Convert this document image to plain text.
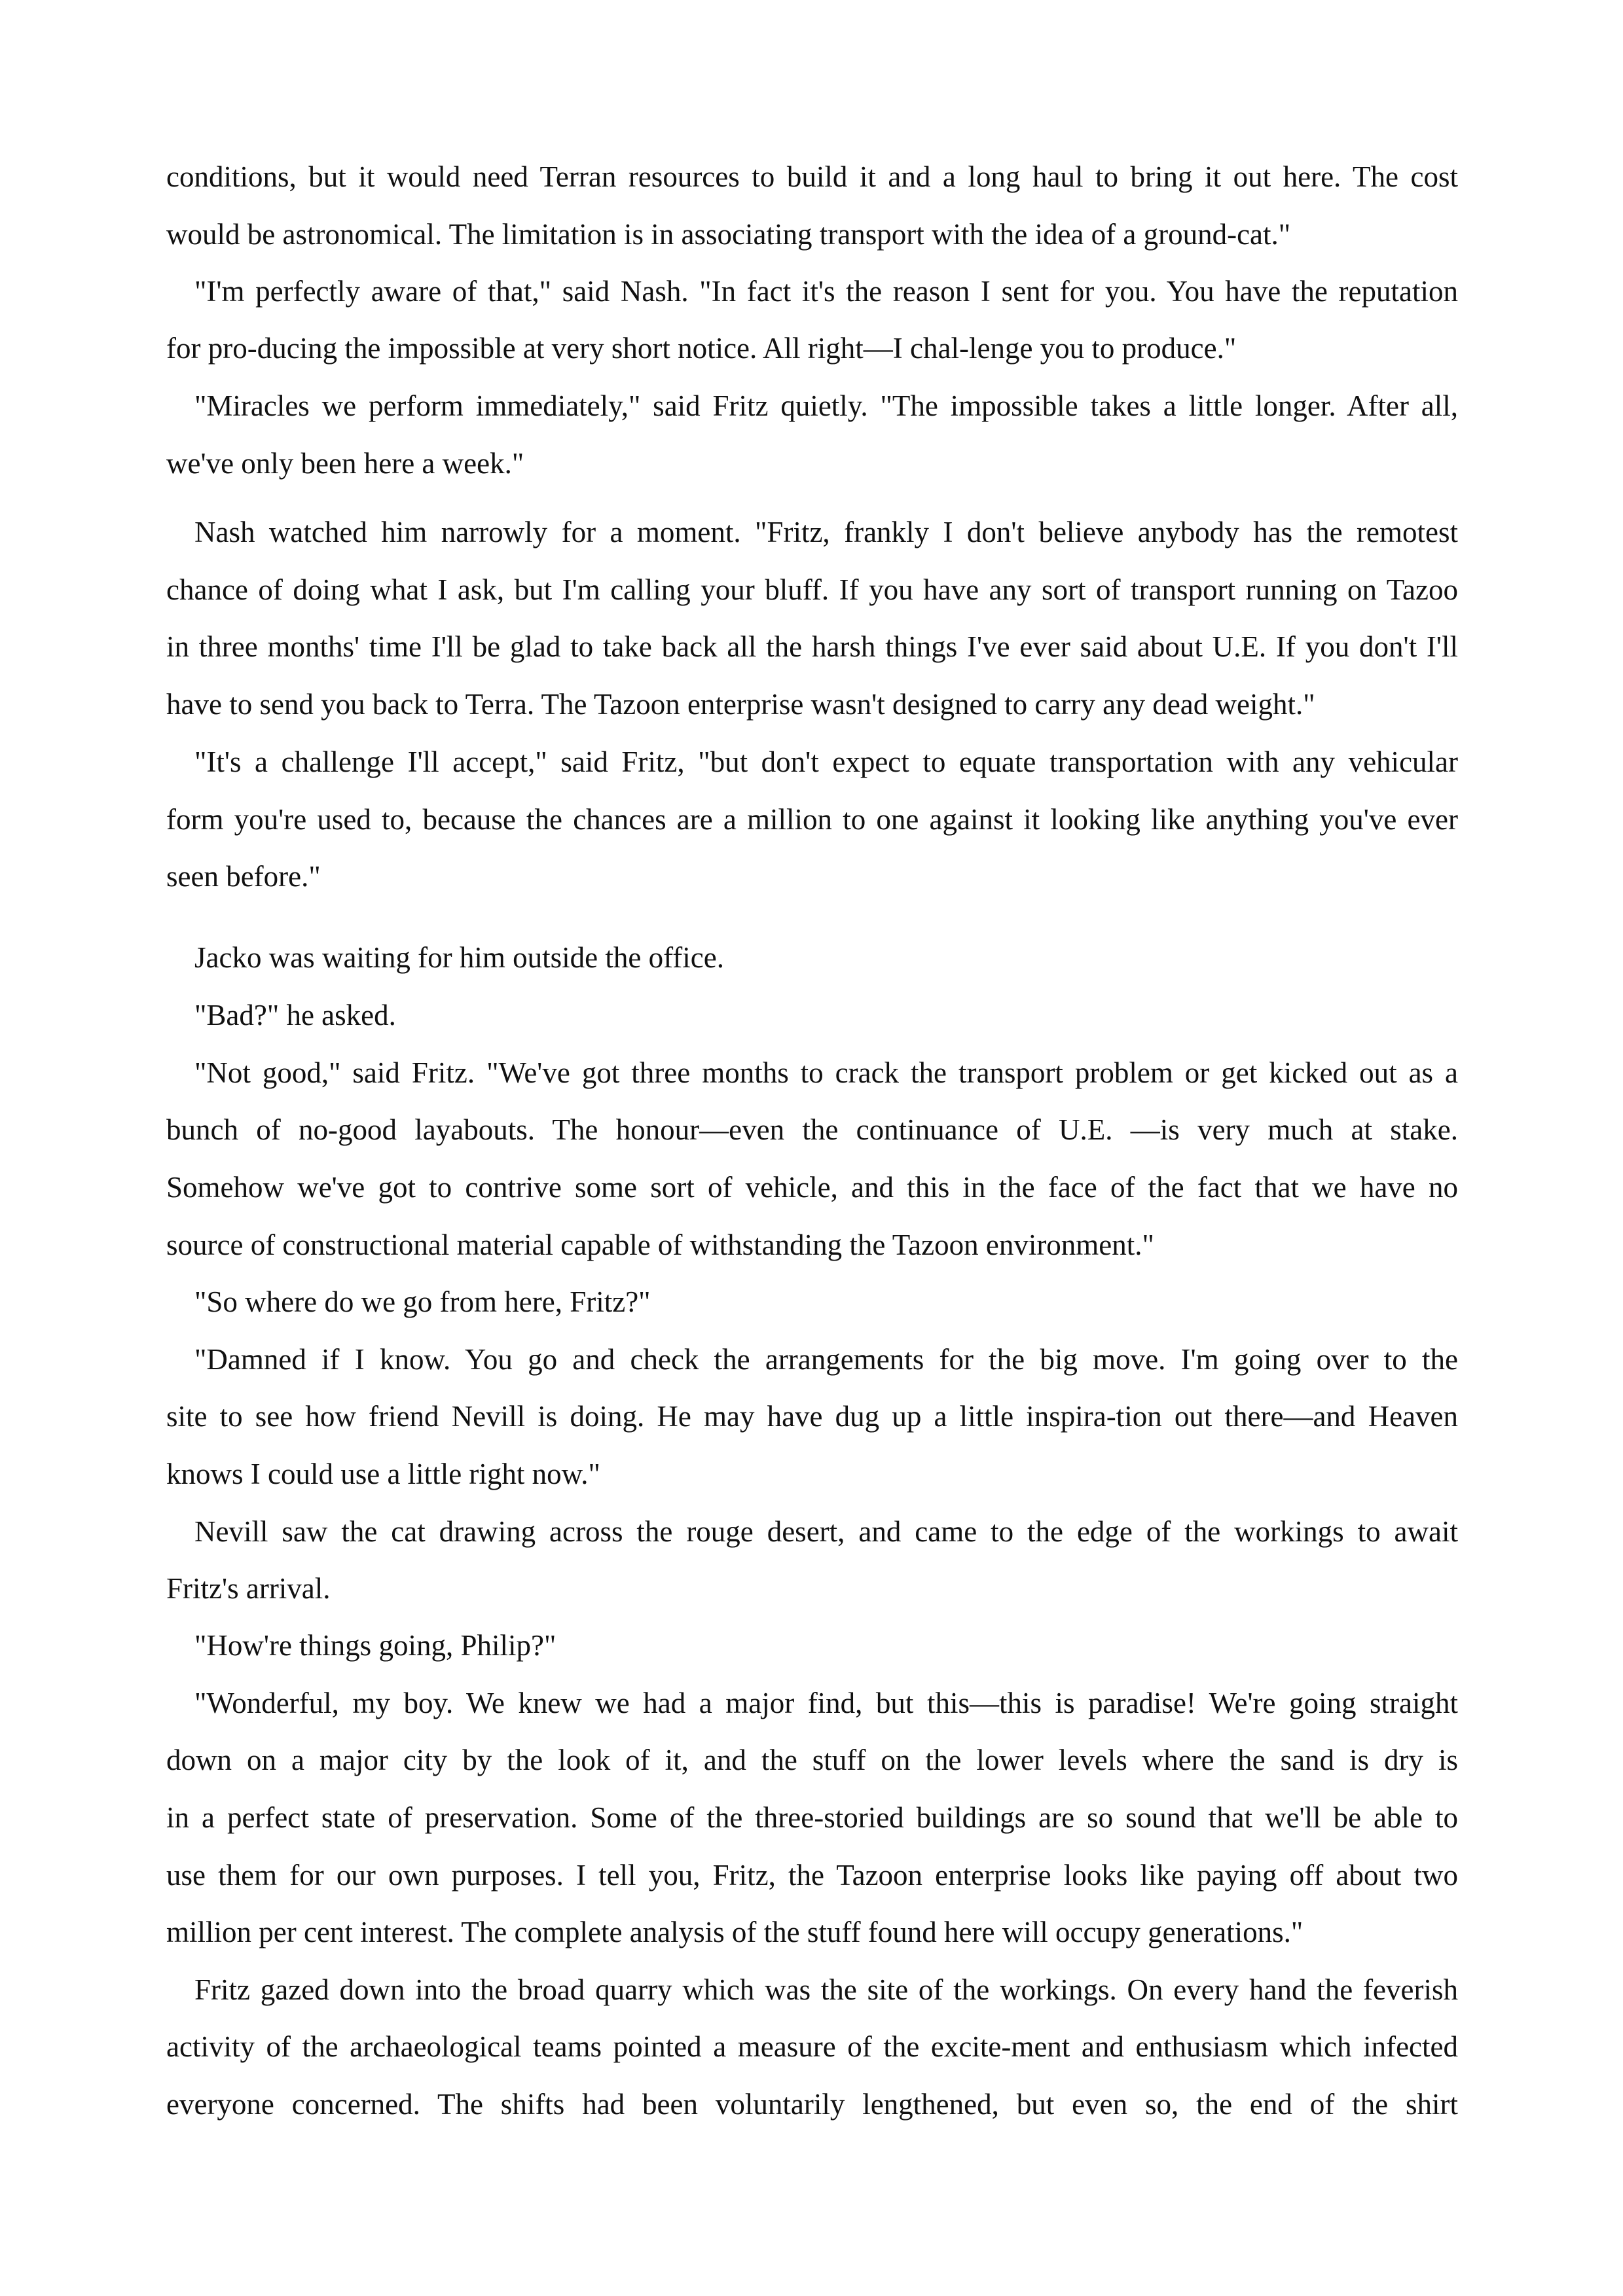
conditions, but it would need Terran resources to build it and a long haul to bring it out here. The cost

would be astronomical. The limitation is in associating transport with the idea of a ground-cat."

"I'm perfectly aware of that," said Nash. "In fact it's the reason I sent for you. You have the reputation

for pro-ducing the impossible at very short notice. All right—I chal-lenge you to produce."

"Miracles we perform immediately," said Fritz quietly. "The impossible takes a little longer. After all,

we've only been here a week."

Nash watched him narrowly for a moment. "Fritz, frankly I don't believe anybody has the remotest

chance of doing what I ask, but I'm calling your bluff. If you have any sort of transport running on Tazoo

in three months' time I'll be glad to take back all the harsh things I've ever said about U.E. If you don't I'll

have to send you back to Terra. The Tazoon enterprise wasn't designed to carry any dead weight."

"It's a challenge I'll accept," said Fritz, "but don't expect to equate transportation with any vehicular

form you're used to, because the chances are a million to one against it looking like anything you've ever

seen before."

Jacko was waiting for him outside the office.

"Bad?" he asked.

"Not good," said Fritz. "We've got three months to crack the transport problem or get kicked out as a

bunch of no-good layabouts. The honour—even the continuance of U.E. —is very much at stake.

Somehow we've got to contrive some sort of vehicle, and this in the face of the fact that we have no

source of constructional material capable of withstanding the Tazoon environment."

"So where do we go from here, Fritz?"

"Damned if I know. You go and check the arrangements for the big move. I'm going over to the

site to see how friend Nevill is doing. He may have dug up a little inspira-tion out there—and Heaven

knows I could use a little right now."

Nevill saw the cat drawing across the rouge desert, and came to the edge of the workings to await

Fritz's arrival.

"How're things going, Philip?"

"Wonderful, my boy. We knew we had a major find, but this—this is paradise! We're going straight

down on a major city by the look of it, and the stuff on the lower levels where the sand is dry is

in a perfect state of preservation. Some of the three-storied buildings are so sound that we'll be able to

use them for our own purposes. I tell you, Fritz, the Tazoon enterprise looks like paying off about two

million per cent interest. The complete analysis of the stuff found here will occupy generations."

Fritz gazed down into the broad quarry which was the site of the workings. On every hand the feverish

activity of the archaeological teams pointed a measure of the excite-ment and enthusiasm which infected

everyone concerned. The shifts had been voluntarily lengthened, but even so, the end of the shirt
